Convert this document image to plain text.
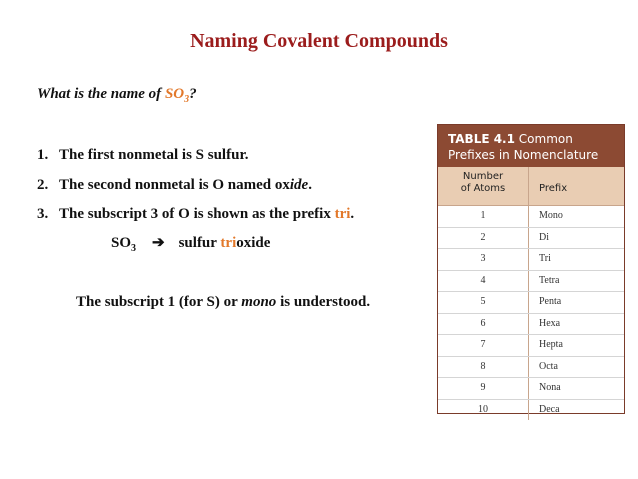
Naming Covalent Compounds
What is the name of $SO_3$?
1. The first nonmetal is S sulfur.
2. The second nonmetal is O named oxide.
3. The subscript 3 of O is shown as the prefix tri.
$SO_3$ ➔ sulfur trioxide
The subscript 1 (for S) or mono is understood.
TABLE 4.1 Common
Prefixes in Nomenclature
Number
of Atoms	Prefix
1	Mono
2	Di
3	Tri
4	Tetra
5	Penta
6	Hexa
7	Hepta
8	Octa
9	Nona
10	Deca
